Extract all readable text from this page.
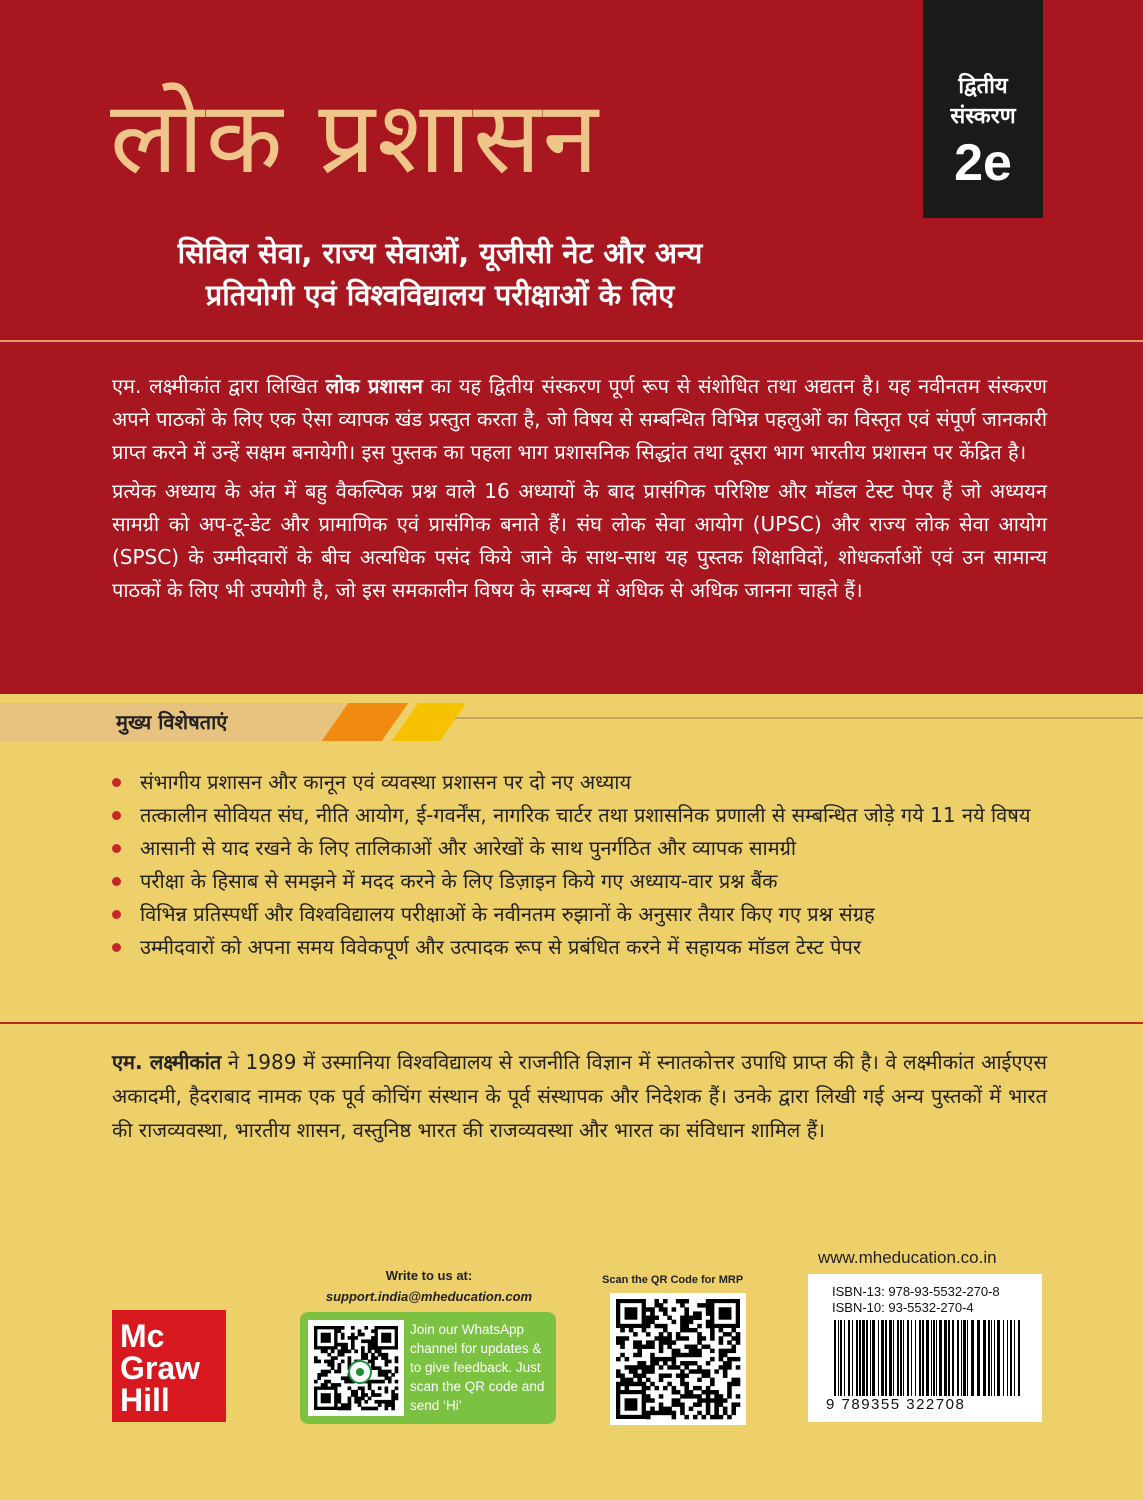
लोक प्रशासन
सिविल सेवा, राज्य सेवाओं, यूजीसी नेट और अन्य
प्रतियोगी एवं विश्वविद्यालय परीक्षाओं के लिए
द्वितीय
संस्करण
2e

एम. लक्ष्मीकांत द्वारा लिखित लोक प्रशासन का यह द्वितीय संस्करण पूर्ण रूप से संशोधित तथा अद्यतन है। यह नवीनतम संस्करण अपने पाठकों के लिए एक ऐसा व्यापक खंड प्रस्तुत करता है, जो विषय से सम्बन्धित विभिन्न पहलुओं का विस्तृत एवं संपूर्ण जानकारी प्राप्त करने में उन्हें सक्षम बनायेगी। इस पुस्तक का पहला भाग प्रशासनिक सिद्धांत तथा दूसरा भाग भारतीय प्रशासन पर केंद्रित है।

प्रत्येक अध्याय के अंत में बहु वैकल्पिक प्रश्न वाले 16 अध्यायों के बाद प्रासंगिक परिशिष्ट और मॉडल टेस्ट पेपर हैं जो अध्ययन सामग्री को अप-टू-डेट और प्रामाणिक एवं प्रासंगिक बनाते हैं। संघ लोक सेवा आयोग (UPSC) और राज्य लोक सेवा आयोग (SPSC) के उम्मीदवारों के बीच अत्यधिक पसंद किये जाने के साथ-साथ यह पुस्तक शिक्षाविदों, शोधकर्ताओं एवं उन सामान्य पाठकों के लिए भी उपयोगी है, जो इस समकालीन विषय के सम्बन्ध में अधिक से अधिक जानना चाहते हैं।

मुख्य विशेषताएं
संभागीय प्रशासन और कानून एवं व्यवस्था प्रशासन पर दो नए अध्याय
तत्कालीन सोवियत संघ, नीति आयोग, ई-गवर्नेंस, नागरिक चार्टर तथा प्रशासनिक प्रणाली से सम्बन्धित जोड़े गये 11 नये विषय
आसानी से याद रखने के लिए तालिकाओं और आरेखों के साथ पुनर्गठित और व्यापक सामग्री
परीक्षा के हिसाब से समझने में मदद करने के लिए डिज़ाइन किये गए अध्याय-वार प्रश्न बैंक
विभिन्न प्रतिस्पर्धी और विश्वविद्यालय परीक्षाओं के नवीनतम रुझानों के अनुसार तैयार किए गए प्रश्न संग्रह
उम्मीदवारों को अपना समय विवेकपूर्ण और उत्पादक रूप से प्रबंधित करने में सहायक मॉडल टेस्ट पेपर
एम. लक्ष्मीकांत ने 1989 में उस्मानिया विश्वविद्यालय से राजनीति विज्ञान में स्नातकोत्तर उपाधि प्राप्त की है। वे लक्ष्मीकांत आईएएस अकादमी, हैदराबाद नामक एक पूर्व कोचिंग संस्थान के पूर्व संस्थापक और निदेशक हैं। उनके द्वारा लिखी गई अन्य पुस्तकों में भारत की राजव्यवस्था, भारतीय शासन, वस्तुनिष्ठ भारत की राजव्यवस्था और भारत का संविधान शामिल हैं।
Mc
Graw
Hill
Write to us at:
support.india@mheducation.com
Join our WhatsApp channel for updates & to give feedback. Just scan the QR code and send ‘Hi’
Scan the QR Code for MRP
www.mheducation.co.in
ISBN-13: 978-93-5532-270-8
ISBN-10: 93-5532-270-4
9 789355 322708
